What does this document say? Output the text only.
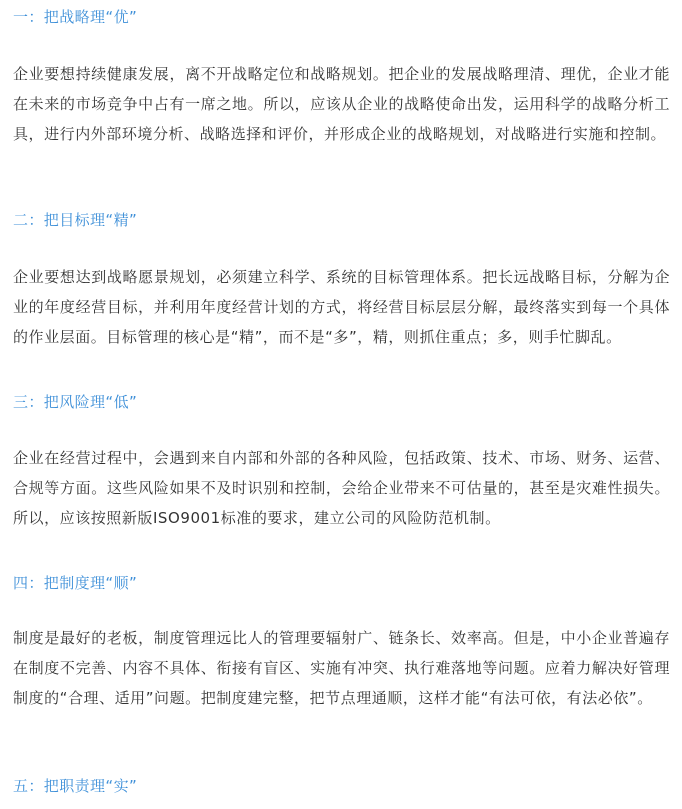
一：把战略理“优”

企业要想持续健康发展，离不开战略定位和战略规划。把企业的发展战略理清、理优，企业才能在未来的市场竞争中占有一席之地。所以，应该从企业的战略使命出发，运用科学的战略分析工具，进行内外部环境分析、战略选择和评价，并形成企业的战略规划，对战略进行实施和控制。

二：把目标理“精”

企业要想达到战略愿景规划，必须建立科学、系统的目标管理体系。把长远战略目标，分解为企业的年度经营目标，并利用年度经营计划的方式，将经营目标层层分解，最终落实到每一个具体的作业层面。目标管理的核心是“精”，而不是“多”，精，则抓住重点；多，则手忙脚乱。

三：把风险理“低”

企业在经营过程中，会遇到来自内部和外部的各种风险，包括政策、技术、市场、财务、运营、合规等方面。这些风险如果不及时识别和控制，会给企业带来不可估量的，甚至是灾难性损失。所以，应该按照新版ISO9001标准的要求，建立公司的风险防范机制。

四：把制度理“顺”

制度是最好的老板，制度管理远比人的管理要辐射广、链条长、效率高。但是，中小企业普遍存在制度不完善、内容不具体、衔接有盲区、实施有冲突、执行难落地等问题。应着力解决好管理制度的“合理、适用”问题。把制度建完整，把节点理通顺，这样才能“有法可依，有法必依”。

五：把职责理“实”
